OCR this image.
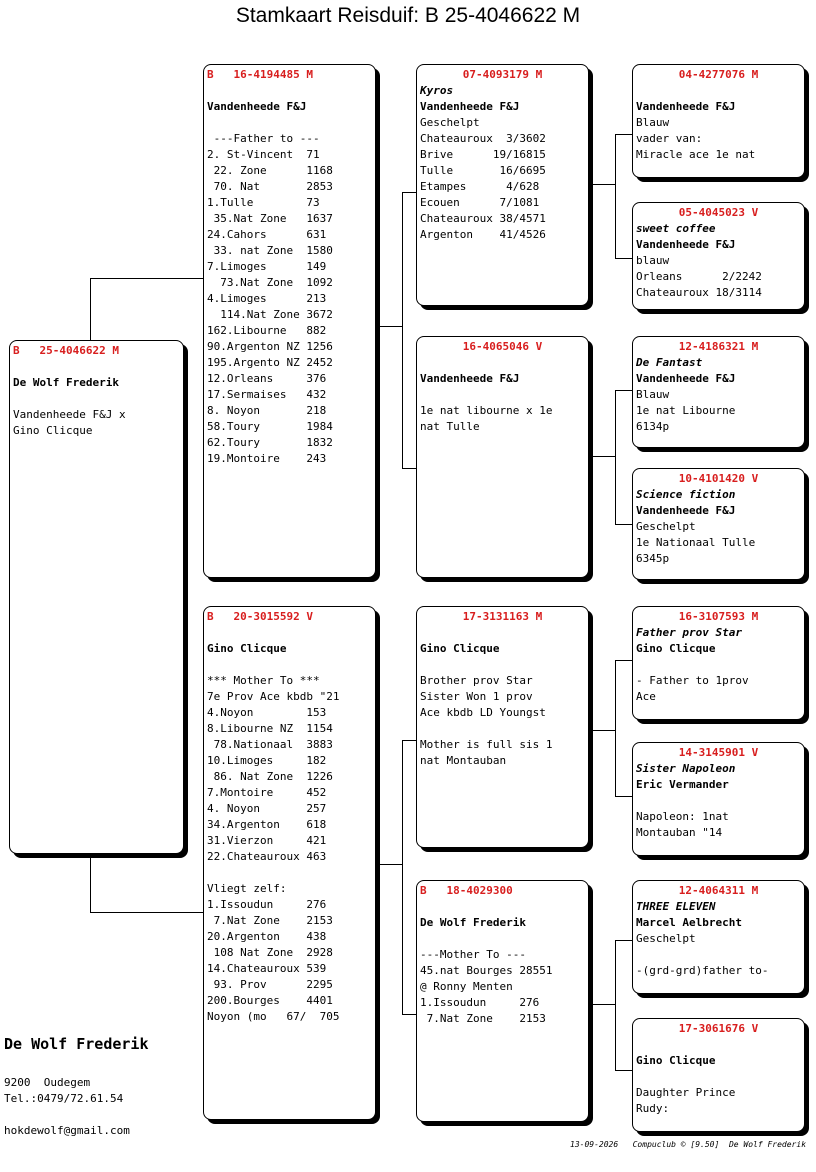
Stamkaart Reisduif: B 25-4046622 M
B   25-4046622 M
De Wolf Frederik
Vandenheede F&J x
Gino Clicque
B   16-4194485 M
Vandenheede F&J
---Father to ---
2. St-Vincent  71
22. Zone      1168
70. Nat       2853
1.Tulle        73
35.Nat Zone   1637
24.Cahors      631
33. nat Zone  1580
7.Limoges      149
73.Nat Zone  1092
4.Limoges      213
114.Nat Zone 3672
162.Libourne   882
90.Argenton NZ 1256
195.Argento NZ 2452
12.Orleans     376
17.Sermaises   432
8. Noyon       218
58.Toury       1984
62.Toury       1832
19.Montoire    243
B   20-3015592 V
Gino Clicque
*** Mother To ***
7e Prov Ace kbdb "21
4.Noyon        153
8.Libourne NZ  1154
78.Nationaal  3883
10.Limoges     182
86. Nat Zone  1226
7.Montoire     452
4. Noyon       257
34.Argenton    618
31.Vierzon     421
22.Chateauroux 463
Vliegt zelf:
1.Issoudun     276
7.Nat Zone    2153
20.Argenton    438
108 Nat Zone  2928
14.Chateauroux 539
93. Prov      2295
200.Bourges    4401
Noyon (mo   67/  705
07-4093179 M
Kyros
Vandenheede F&J
Geschelpt
Chateauroux  3/3602
Brive      19/16815
Tulle       16/6695
Etampes      4/628
Ecouen      7/1081
Chateauroux 38/4571
Argenton    41/4526
16-4065046 V
Vandenheede F&J
1e nat libourne x 1e
nat Tulle
17-3131163 M
Gino Clicque
Brother prov Star
Sister Won 1 prov
Ace kbdb LD Youngst
Mother is full sis 1
nat Montauban
B   18-4029300
De Wolf Frederik
---Mother To ---
45.nat Bourges 28551
@ Ronny Menten
1.Issoudun     276
7.Nat Zone    2153
04-4277076 M
Vandenheede F&J
Blauw
vader van:
Miracle ace 1e nat
05-4045023 V
sweet coffee
Vandenheede F&J
blauw
Orleans      2/2242
Chateauroux 18/3114
12-4186321 M
De Fantast
Vandenheede F&J
Blauw
1e nat Libourne
6134p
10-4101420 V
Science fiction
Vandenheede F&J
Geschelpt
1e Nationaal Tulle
6345p
16-3107593 M
Father prov Star
Gino Clicque
- Father to 1prov
Ace
14-3145901 V
Sister Napoleon
Eric Vermander
Napoleon: 1nat
Montauban "14
12-4064311 M
THREE ELEVEN
Marcel Aelbrecht
Geschelpt
-(grd-grd)father to-
17-3061676 V
Gino Clicque
Daughter Prince
Rudy:
De Wolf Frederik
9200  Oudegem
Tel.:0479/72.61.54
hokdewolf@gmail.com
13-09-2026   Compuclub © [9.50]  De Wolf Frederik
